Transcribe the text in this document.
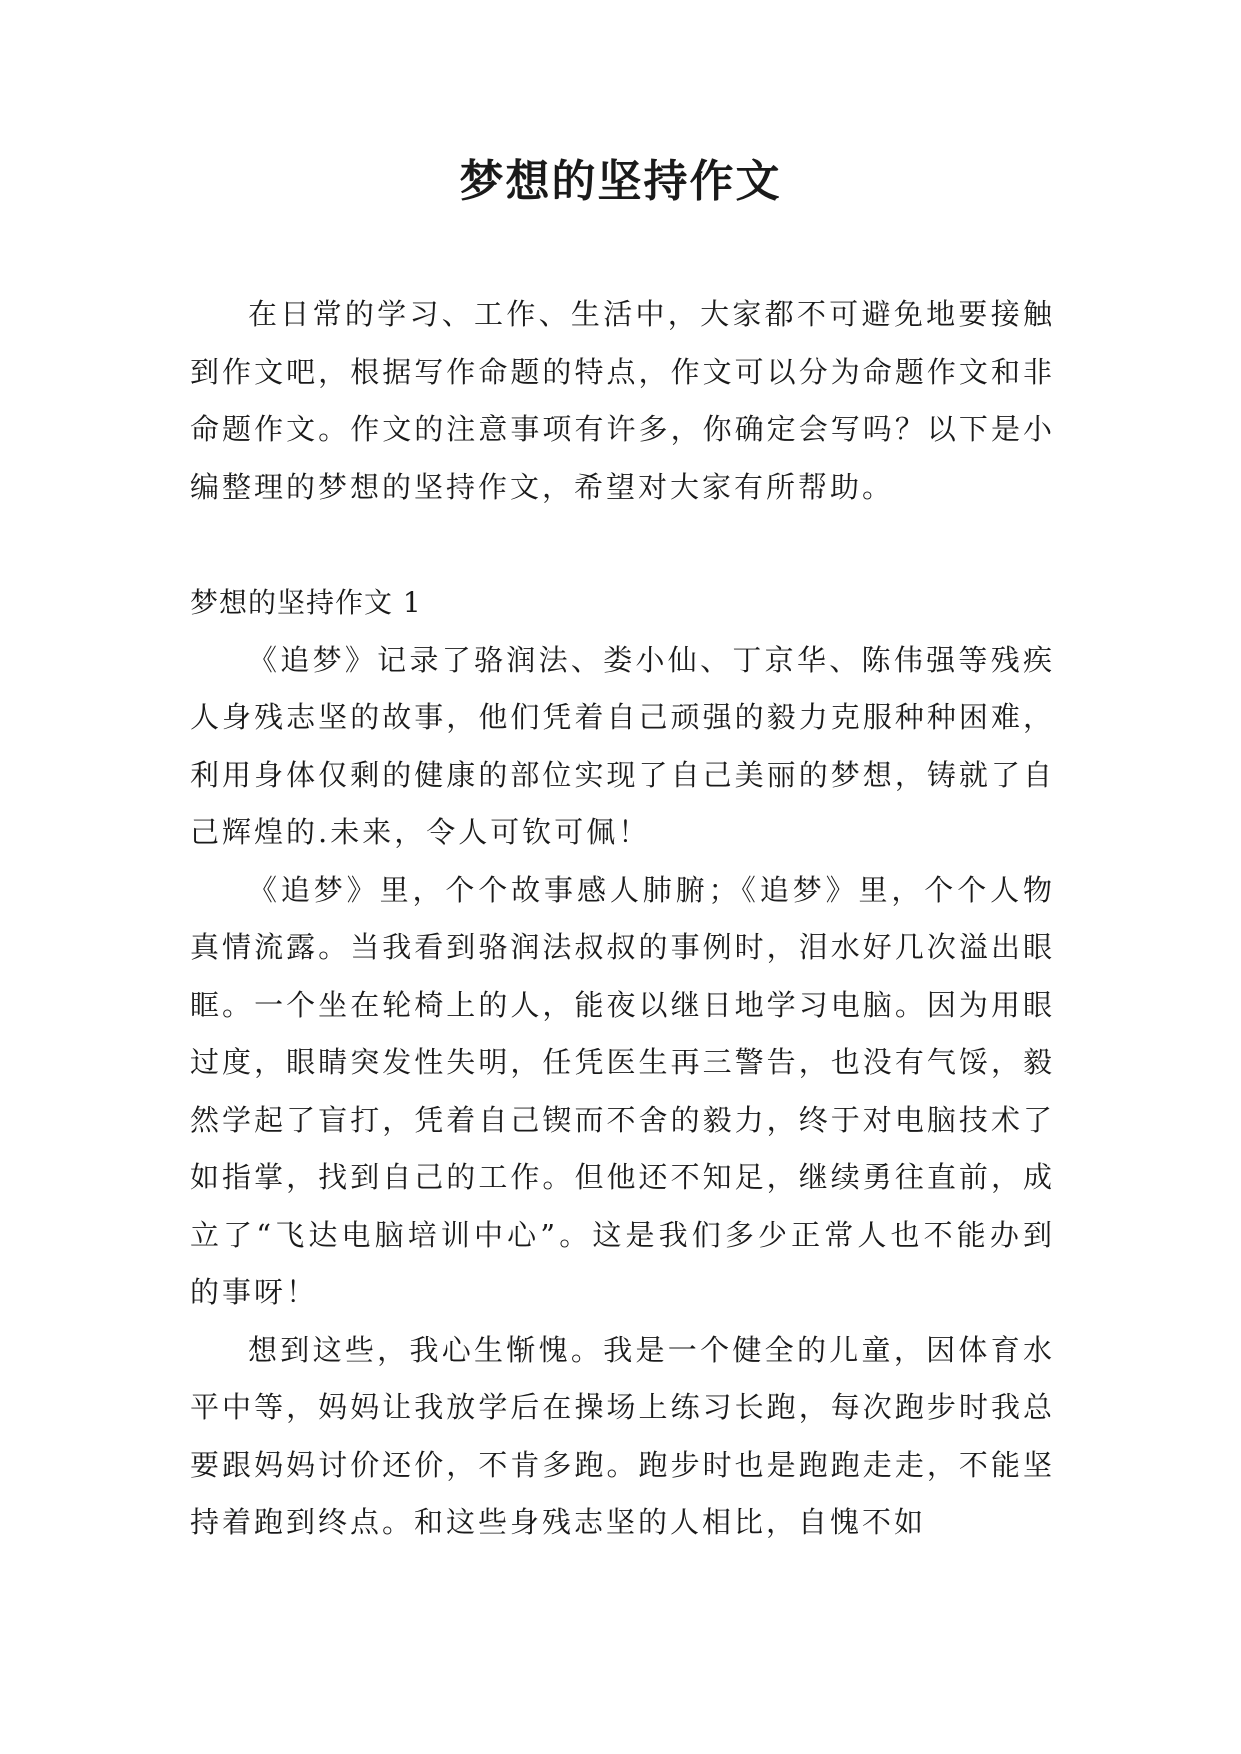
梦想的坚持作文

在日常的学习、工作、生活中，大家都不可避免地要接触到作文吧，根据写作命题的特点，作文可以分为命题作文和非命题作文。作文的注意事项有许多，你确定会写吗？以下是小编整理的梦想的坚持作文，希望对大家有所帮助。

梦想的坚持作文 1

《追梦》记录了骆润法、娄小仙、丁京华、陈伟强等残疾人身残志坚的故事，他们凭着自己顽强的毅力克服种种困难，利用身体仅剩的健康的部位实现了自己美丽的梦想，铸就了自己辉煌的.未来，令人可钦可佩！

《追梦》里，个个故事感人肺腑；《追梦》里，个个人物真情流露。当我看到骆润法叔叔的事例时，泪水好几次溢出眼眶。一个坐在轮椅上的人，能夜以继日地学习电脑。因为用眼过度，眼睛突发性失明，任凭医生再三警告，也没有气馁，毅然学起了盲打，凭着自己锲而不舍的毅力，终于对电脑技术了如指掌，找到自己的工作。但他还不知足，继续勇往直前，成立了“飞达电脑培训中心”。这是我们多少正常人也不能办到的事呀！

想到这些，我心生惭愧。我是一个健全的儿童，因体育水平中等，妈妈让我放学后在操场上练习长跑，每次跑步时我总要跟妈妈讨价还价，不肯多跑。跑步时也是跑跑走走，不能坚持着跑到终点。和这些身残志坚的人相比，自愧不如
